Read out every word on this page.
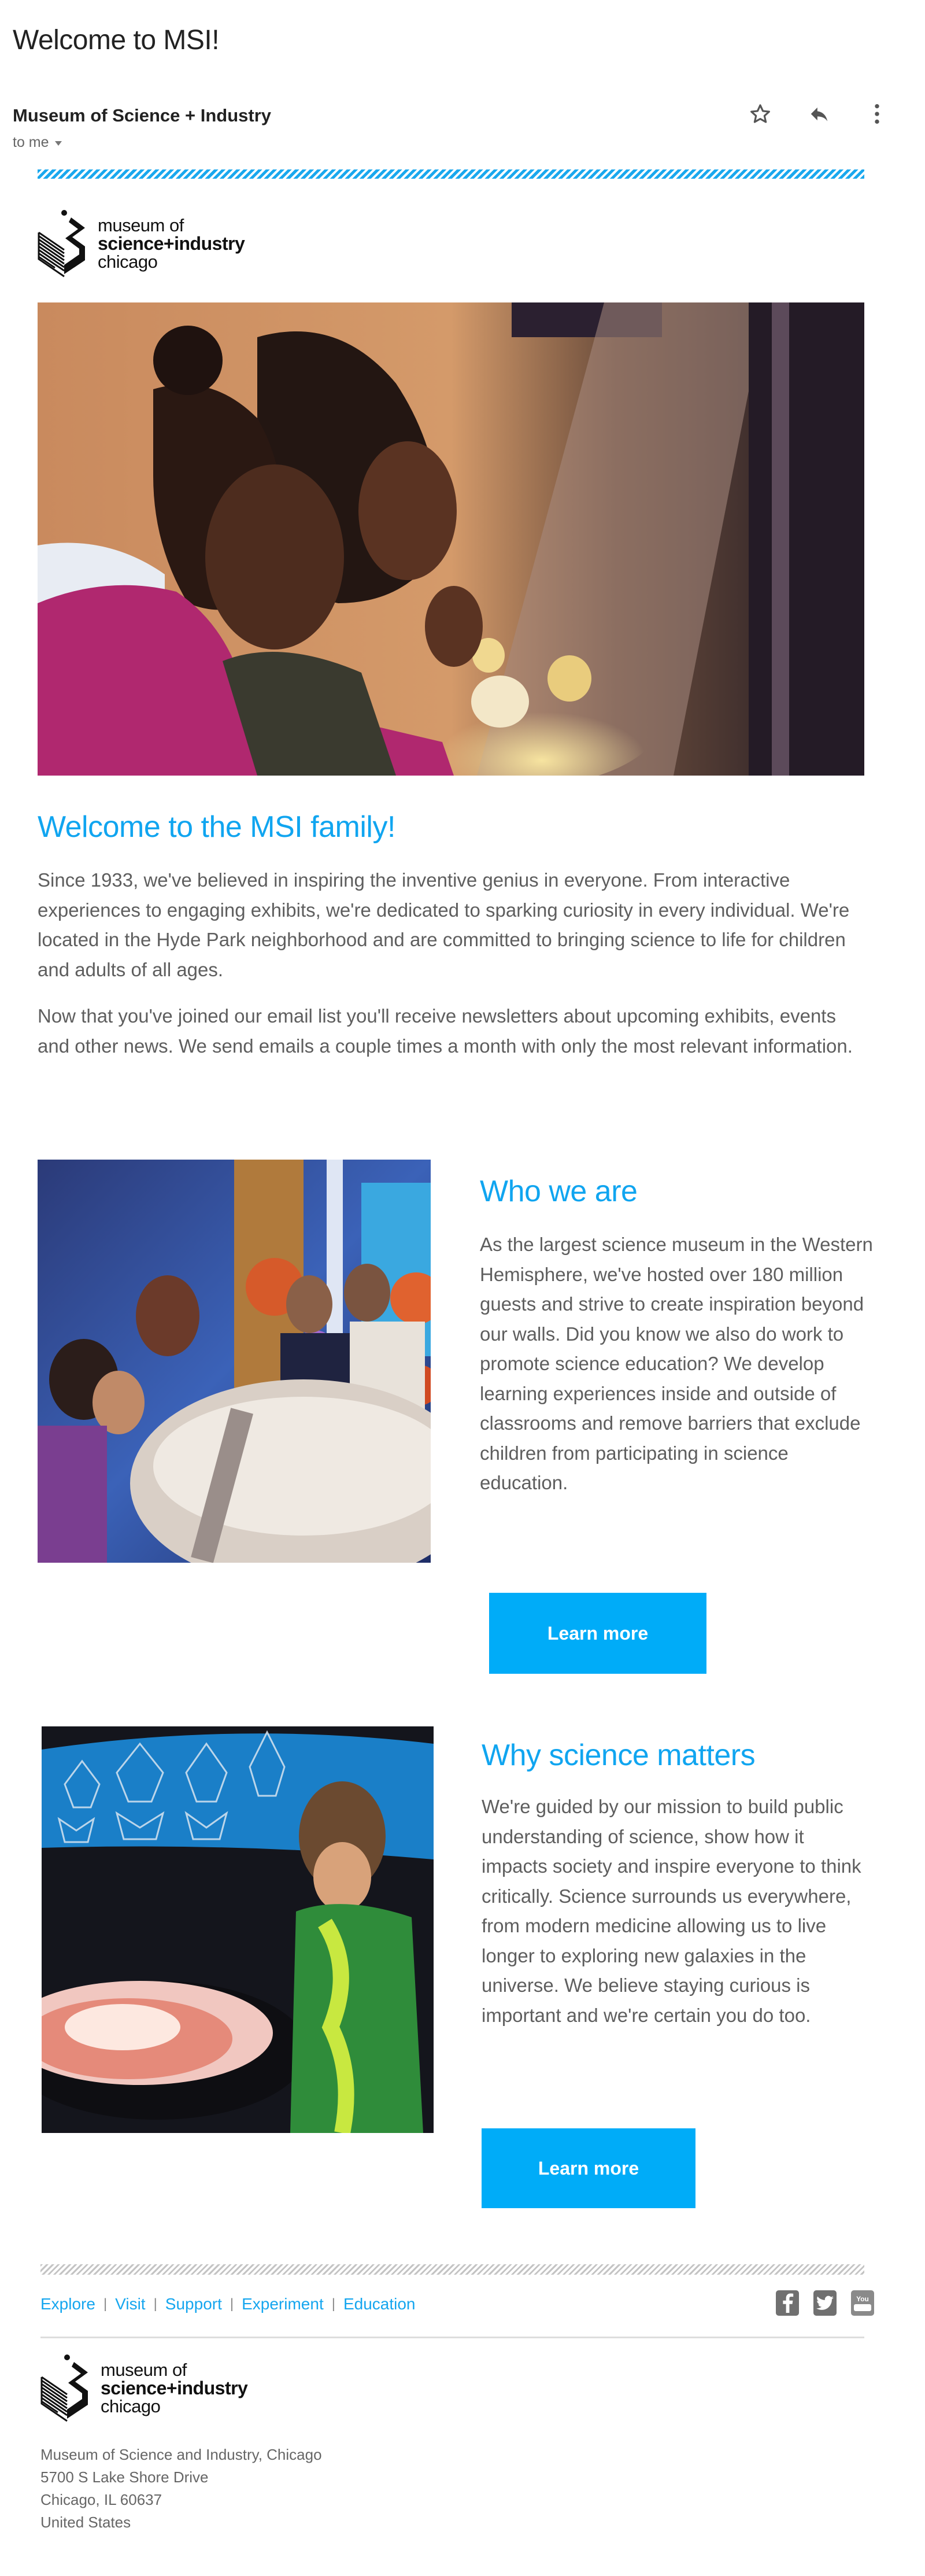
Welcome to MSI!
Museum of Science + Industry
to me
museum of
science+industry
chicago
Welcome to the MSI family!

Since 1933, we've believed in inspiring the inventive genius in everyone. From interactive experiences to engaging exhibits, we're dedicated to sparking curiosity in every individual. We're located in the Hyde Park neighborhood and are committed to bringing science to life for children and adults of all ages.

Now that you've joined our email list you'll receive newsletters about upcoming exhibits, events and other news. We send emails a couple times a month with only the most relevant information.

Who we are

As the largest science museum in the Western Hemisphere, we've hosted over 180 million guests and strive to create inspiration beyond our walls. Did you know we also do work to promote science education? We develop learning experiences inside and outside of classrooms and remove barriers that exclude children from participating in science education.

Learn more
Why science matters

We're guided by our mission to build public understanding of science, show how it impacts society and inspire everyone to think critically. Science surrounds us everywhere, from modern medicine allowing us to live longer to exploring new galaxies in the universe. We believe staying curious is important and we're certain you do too.

Learn more
Explore | Visit | Support | Experiment | Education	You
museum of
science+industry
chicago
Museum of Science and Industry, Chicago
5700 S Lake Shore Drive
Chicago, IL 60637
United States
